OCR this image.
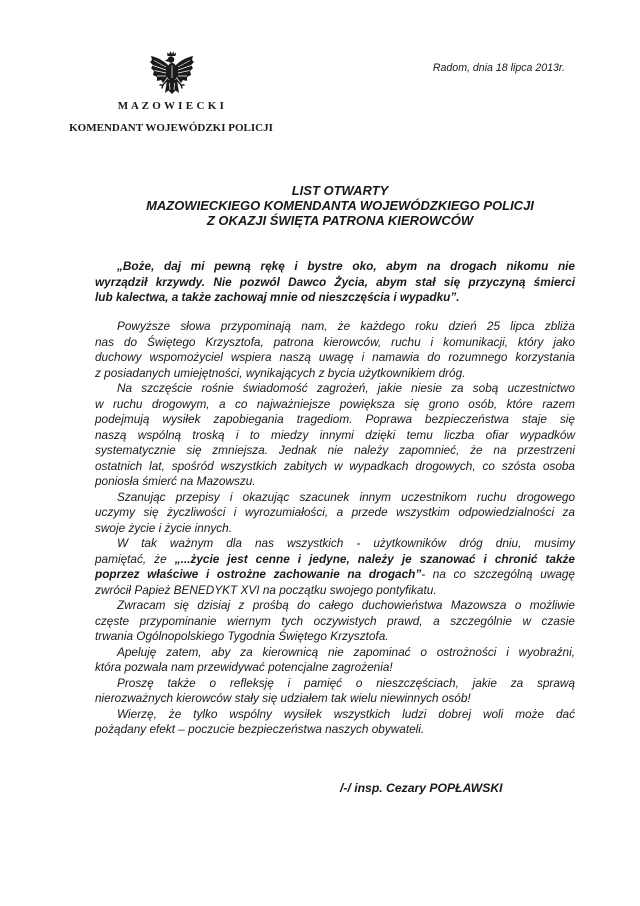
M A Z O W I E C K I
KOMENDANT WOJEWÓDZKI POLICJI
Radom, dnia 18 lipca 2013r.
LIST OTWARTY
MAZOWIECKIEGO KOMENDANTA WOJEWÓDZKIEGO POLICJI
Z OKAZJI ŚWIĘTA PATRONA KIEROWCÓW
„Boże, daj mi pewną rękę i bystre oko, abym na drogach nikomu nie
wyrządził krzywdy. Nie pozwól Dawco Życia, abym stał się przyczyną śmierci
lub kalectwa, a także zachowaj mnie od nieszczęścia i wypadku”.
Powyższe słowa przypominają nam, że każdego roku dzień 25 lipca zbliża
nas do Świętego Krzysztofa, patrona kierowców, ruchu i komunikacji, który jako
duchowy wspomożyciel wspiera naszą uwagę i namawia do rozumnego korzystania
z posiadanych umiejętności, wynikających z bycia użytkownikiem dróg.
Na szczęście rośnie świadomość zagrożeń, jakie niesie za sobą uczestnictwo
w ruchu drogowym, a co najważniejsze powiększa się grono osób, które razem
podejmują wysiłek zapobiegania tragediom. Poprawa bezpieczeństwa staje się
naszą wspólną troską i to miedzy innymi dzięki temu liczba ofiar wypadków
systematycznie się zmniejsza. Jednak nie należy zapomnieć, że na przestrzeni
ostatnich lat, spośród wszystkich zabitych w wypadkach drogowych, co szósta osoba
poniosła śmierć na Mazowszu.
Szanując przepisy i okazując szacunek innym uczestnikom ruchu drogowego
uczymy się życzliwości i wyrozumiałości, a przede wszystkim odpowiedzialności za
swoje życie i życie innych.
W tak ważnym dla nas wszystkich - użytkowników dróg dniu, musimy
pamiętać, że „...życie jest cenne i jedyne, należy je szanować i chronić także
poprzez właściwe i ostrożne zachowanie na drogach”- na co szczególną uwagę
zwrócił Papież BENEDYKT XVI na początku swojego pontyfikatu.
Zwracam się dzisiaj z prośbą do całego duchowieństwa Mazowsza o możliwie
częste przypominanie wiernym tych oczywistych prawd, a szczególnie w czasie
trwania Ogólnopolskiego Tygodnia Świętego Krzysztofa.
Apeluję zatem, aby za kierownicą nie zapominać o ostrożności i wyobraźni,
która pozwala nam przewidywać potencjalne zagrożenia!
Proszę także o refleksję i pamięć o nieszczęściach, jakie za sprawą
nierozważnych kierowców stały się udziałem tak wielu niewinnych osób!
Wierzę, że tylko wspólny wysiłek wszystkich ludzi dobrej woli może dać
pożądany efekt – poczucie bezpieczeństwa naszych obywateli.
/-/ insp. Cezary POPŁAWSKI
